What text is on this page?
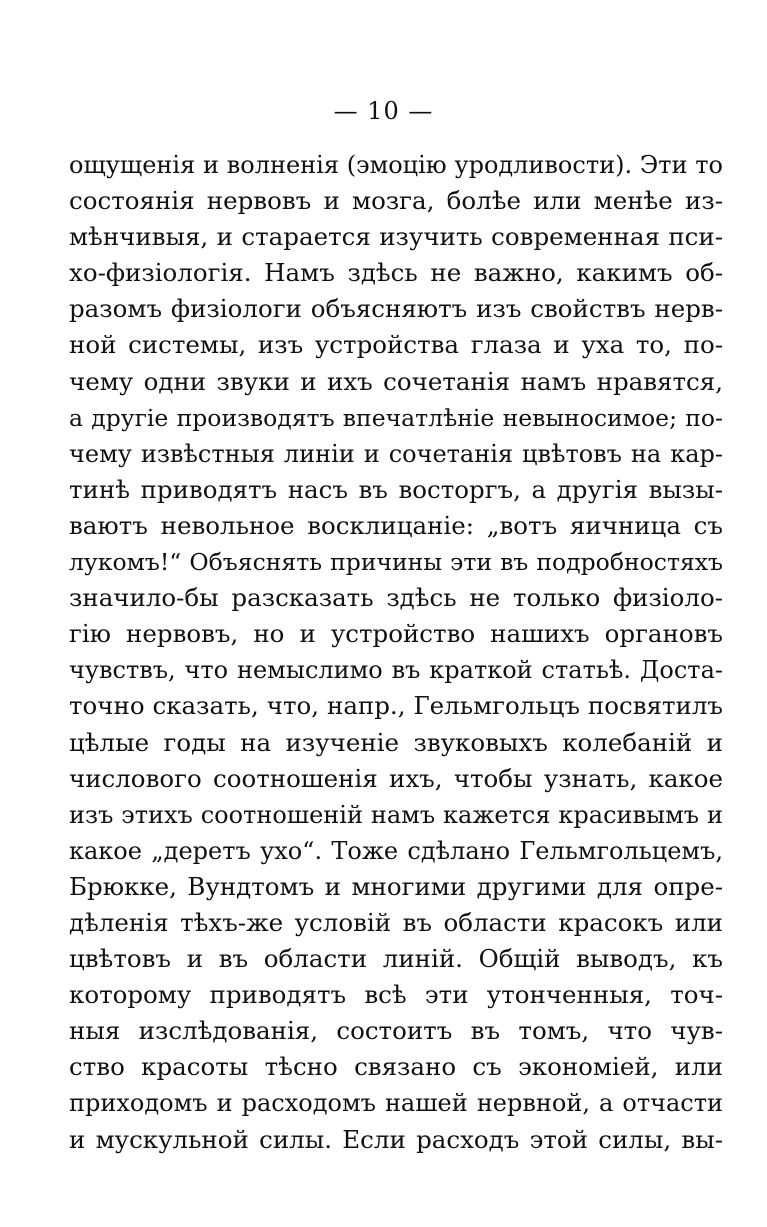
— 10 —
ощущенія и волненія (эмоцію уродливости). Эти то
состоянія нервовъ и мозга, болѣе или менѣе из-
мѣнчивыя, и старается изучить современная пси-
хо-физіологія. Намъ здѣсь не важно, какимъ об-
разомъ физіологи объясняютъ изъ свойствъ нерв-
ной системы, изъ устройства глаза и уха то, по-
чему одни звуки и ихъ сочетанія намъ нравятся,
а другіе производятъ впечатлѣніе невыносимое; по-
чему извѣстныя линіи и сочетанія цвѣтовъ на кар-
тинѣ приводятъ насъ въ восторгъ, а другія вызы-
ваютъ невольное восклицаніе: „вотъ яичница съ
лукомъ!“ Объяснять причины эти въ подробностяхъ
значило-бы разсказать здѣсь не только физіоло-
гію нервовъ, но и устройство нашихъ органовъ
чувствъ, что немыслимо въ краткой статьѣ. Доста-
точно сказать, что, напр., Гельмгольцъ посвятилъ
цѣлые годы на изученіе звуковыхъ колебаній и
числового соотношенія ихъ, чтобы узнать, какое
изъ этихъ соотношеній намъ кажется красивымъ и
какое „деретъ ухо“. Тоже сдѣлано Гельмгольцемъ,
Брюкке, Вундтомъ и многими другими для опре-
дѣленія тѣхъ-же условій въ области красокъ или
цвѣтовъ и въ области линій. Общій выводъ, къ
которому приводятъ всѣ эти утонченныя, точ-
ныя изслѣдованія, состоитъ въ томъ, что чув-
ство красоты тѣсно связано съ экономіей, или
приходомъ и расходомъ нашей нервной, а отчасти
и мускульной силы. Если расходъ этой силы, вы-
